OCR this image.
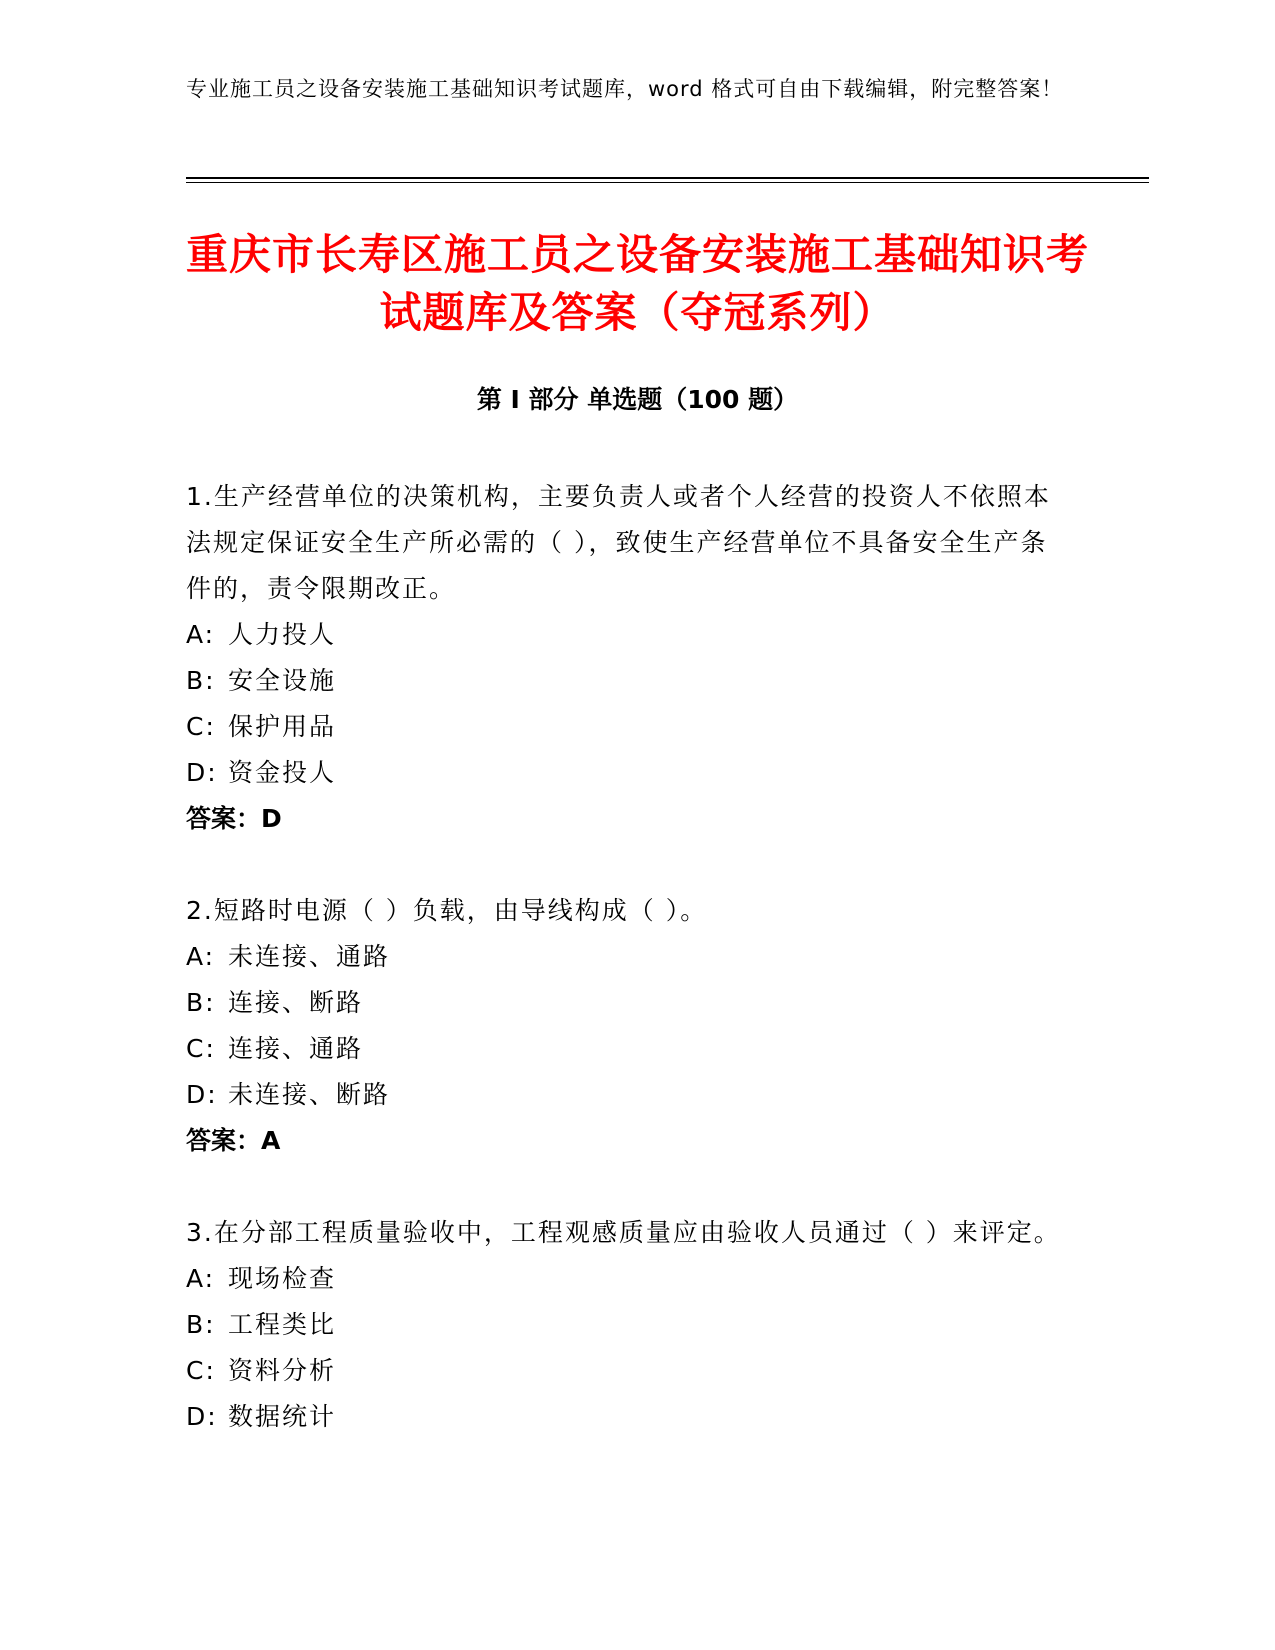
专业施工员之设备安装施工基础知识考试题库，word 格式可自由下载编辑，附完整答案！
重庆市长寿区施工员之设备安装施工基础知识考试题库及答案（夺冠系列）
第 I 部分 单选题（100 题）
1.生产经营单位的决策机构，主要负责人或者个人经营的投资人不依照本法规定保证安全生产所必需的（ ），致使生产经营单位不具备安全生产条件的，责令限期改正。
A: 人力投人
B: 安全设施
C: 保护用品
D: 资金投人
答案：D
2.短路时电源（ ）负载，由导线构成（ ）。
A: 未连接、通路
B: 连接、断路
C: 连接、通路
D: 未连接、断路
答案：A
3.在分部工程质量验收中，工程观感质量应由验收人员通过（ ）来评定。
A: 现场检查
B: 工程类比
C: 资料分析
D: 数据统计
